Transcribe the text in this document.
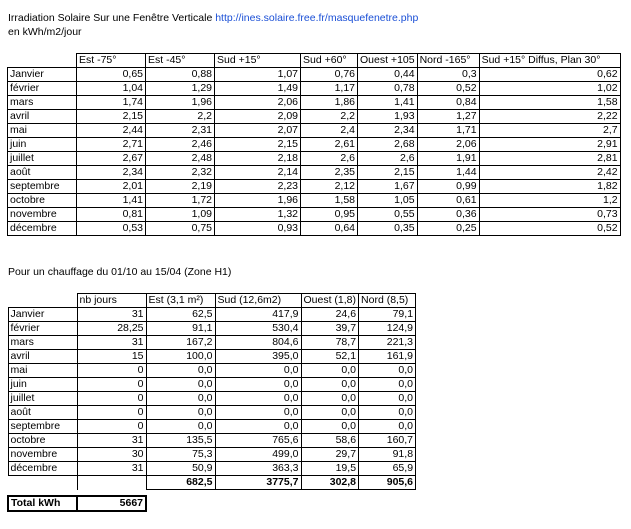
Irradiation Solaire Sur une Fenêtre Verticale http://ines.solaire.free.fr/masquefenetre.php
en kWh/m2/jour
	Est -75°	Est -45°	Sud +15°	Sud +60°	Ouest +105	Nord -165°	Sud +15° Diffus, Plan 30°
Janvier	0,65	0,88	1,07	0,76	0,44	0,3	0,62
février	1,04	1,29	1,49	1,17	0,78	0,52	1,02
mars	1,74	1,96	2,06	1,86	1,41	0,84	1,58
avril	2,15	2,2	2,09	2,2	1,93	1,27	2,22
mai	2,44	2,31	2,07	2,4	2,34	1,71	2,7
juin	2,71	2,46	2,15	2,61	2,68	2,06	2,91
juillet	2,67	2,48	2,18	2,6	2,6	1,91	2,81
août	2,34	2,32	2,14	2,35	2,15	1,44	2,42
septembre	2,01	2,19	2,23	2,12	1,67	0,99	1,82
octobre	1,41	1,72	1,96	1,58	1,05	0,61	1,2
novembre	0,81	1,09	1,32	0,95	0,55	0,36	0,73
décembre	0,53	0,75	0,93	0,64	0,35	0,25	0,52
Pour un chauffage du 01/10 au 15/04 (Zone H1)
	nb jours	Est (3,1 m²)	Sud (12,6m2)	Ouest (1,8)	Nord (8,5)
Janvier	31	62,5	417,9	24,6	79,1
février	28,25	91,1	530,4	39,7	124,9
mars	31	167,2	804,6	78,7	221,3
avril	15	100,0	395,0	52,1	161,9
mai	0	0,0	0,0	0,0	0,0
juin	0	0,0	0,0	0,0	0,0
juillet	0	0,0	0,0	0,0	0,0
août	0	0,0	0,0	0,0	0,0
septembre	0	0,0	0,0	0,0	0,0
octobre	31	135,5	765,6	58,6	160,7
novembre	30	75,3	499,0	29,7	91,8
décembre	31	50,9	363,3	19,5	65,9
		682,5	3775,7	302,8	905,6

Total kWh	5667				
